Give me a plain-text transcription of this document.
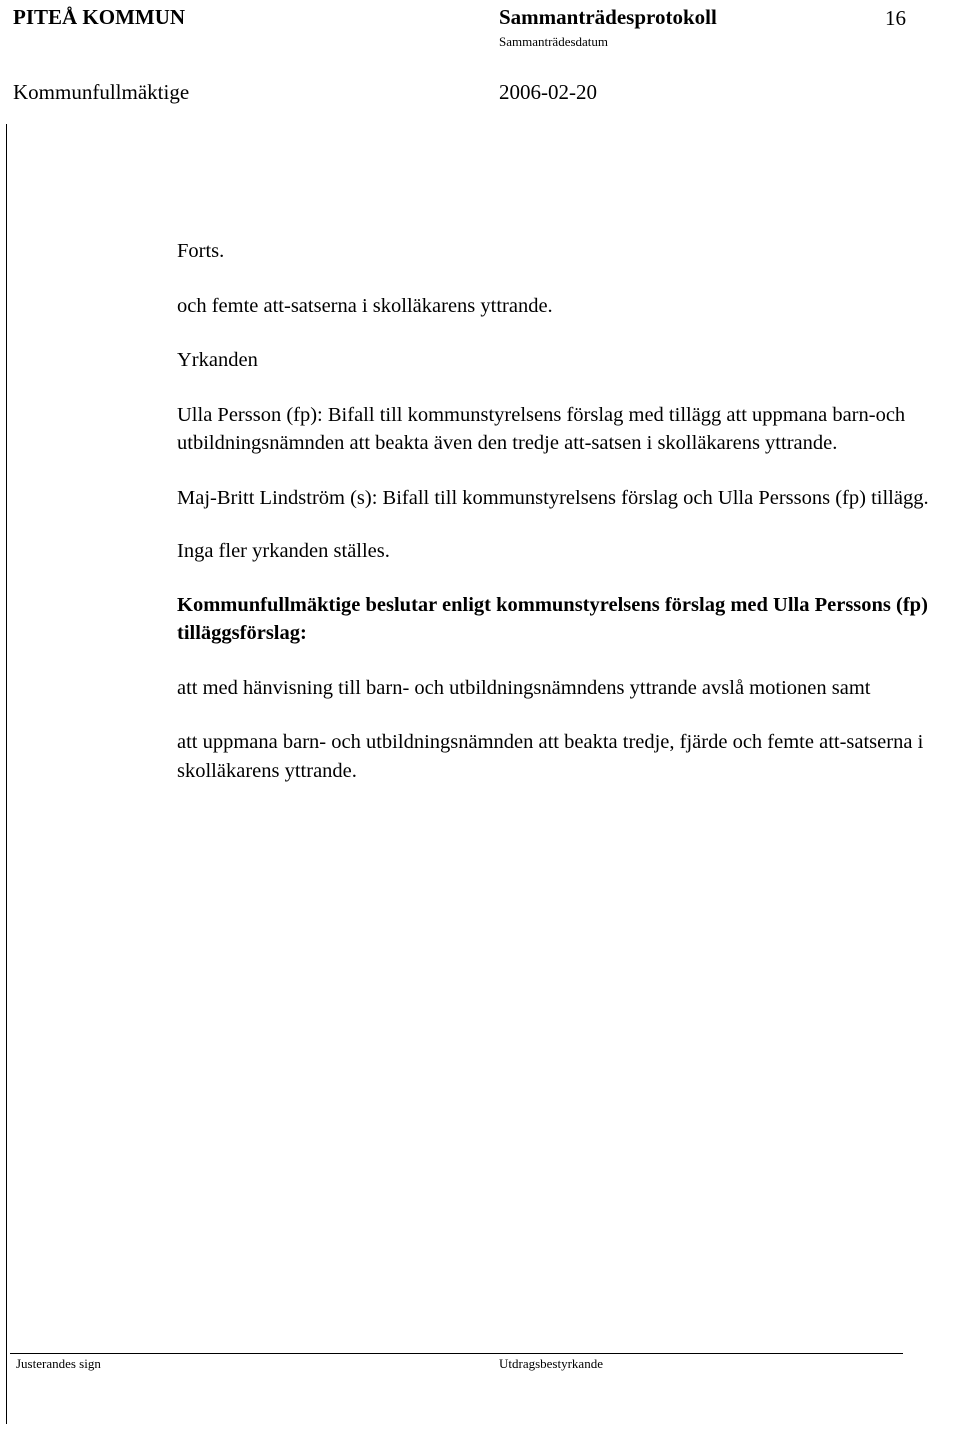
PITEÅ KOMMUN	Sammanträdesprotokoll	16
Sammanträdesdatum
Kommunfullmäktige	2006-02-20

Forts.

och femte att-satserna i skolläkarens yttrande.

Yrkanden

Ulla Persson (fp): Bifall till kommunstyrelsens förslag med tillägg att uppmana barn-och utbildningsnämnden att beakta även den tredje att-satsen i skolläkarens yttrande.

Maj-Britt Lindström (s): Bifall till kommunstyrelsens förslag och Ulla Perssons (fp) tillägg.

Inga fler yrkanden ställes.

Kommunfullmäktige beslutar enligt kommunstyrelsens förslag med Ulla Perssons (fp) tilläggsförslag:

att med hänvisning till barn- och utbildningsnämndens yttrande avslå motionen samt

att uppmana barn- och utbildningsnämnden att beakta tredje, fjärde och femte att-satserna i skolläkarens yttrande.

Justerandes sign	Utdragsbestyrkande
